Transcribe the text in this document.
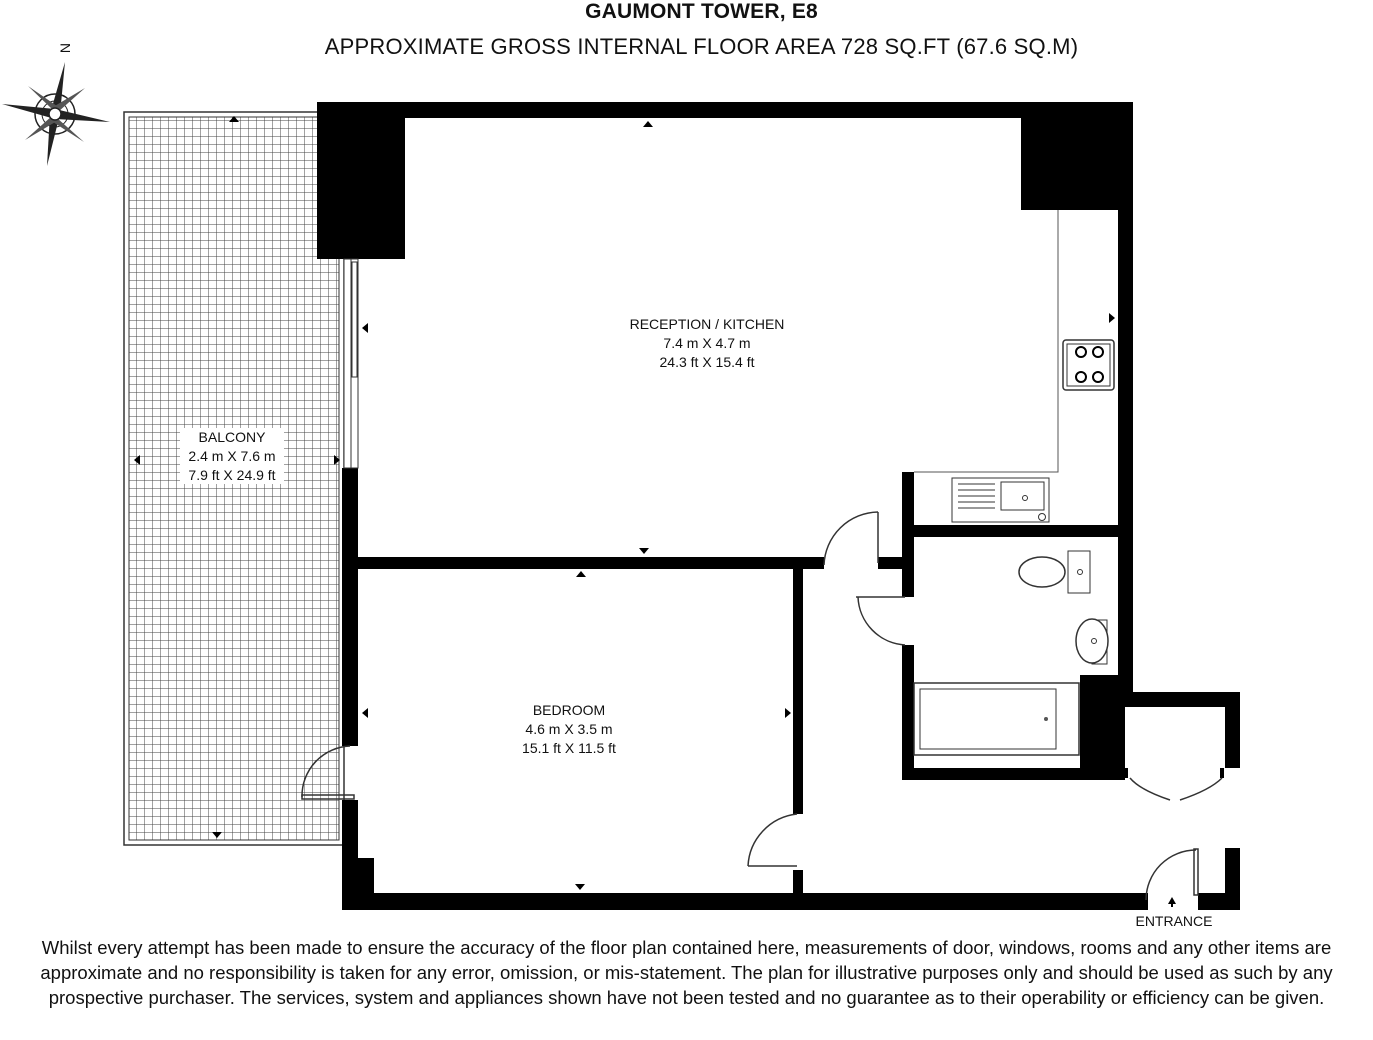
GAUMONT TOWER, E8
APPROXIMATE GROSS INTERNAL FLOOR AREA 728 SQ.FT (67.6 SQ.M)
N
RECEPTION / KITCHEN
7.4 m X 4.7 m
24.3 ft X 15.4 ft
BALCONY
2.4 m X 7.6 m
7.9 ft X 24.9 ft
BEDROOM
4.6 m X 3.5 m
15.1 ft X 11.5 ft
ENTRANCE
Whilst every attempt has been made to ensure the accuracy of the floor plan contained here, measurements of door, windows, rooms and any other items are approximate and no responsibility is taken for any error, omission, or mis-statement. The plan for illustrative purposes only and should be used as such by any prospective purchaser. The services, system and appliances shown have not been tested and no guarantee as to their operability or efficiency can be given.
